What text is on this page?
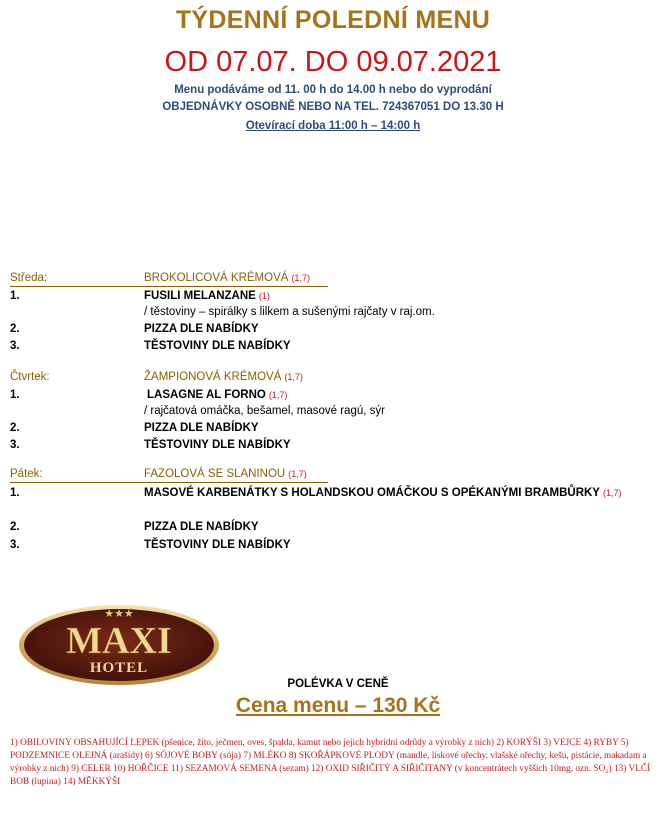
TÝDENNÍ POLEDNÍ MENU
OD 07.07. DO 09.07.2021
Menu podáváme od 11. 00 h do 14.00 h nebo do vyprodání
OBJEDNÁVKY OSOBNĚ NEBO NA TEL. 724367051 DO 13.30 H
Otevírací doba 11:00 h – 14:00 h
Středa:	BROKOLICOVÁ KRÉMOVÁ (1,7)
1.	FUSILI MELANZANE (1)
/ těstoviny – spirálky s lilkem a sušenými rajčaty v raj.om.
2.	PIZZA DLE NABÍDKY
3.	TĚSTOVINY DLE NABÍDKY
Čtvrtek:	ŽAMPIONOVÁ KRÉMOVÁ (1,7)
1.	LASAGNE AL FORNO (1,7)
/ rajčatová omáčka, bešamel, masové ragú, sýr
2.	PIZZA DLE NABÍDKY
3.	TĚSTOVINY DLE NABÍDKY
Pátek:	FAZOLOVÁ SE SLANINOU (1,7)
1.	MASOVÉ KARBENÁTKY S HOLANDSKOU OMÁČKOU S OPÉKANÝMI BRAMBŮRKY (1,7)
2.	PIZZA DLE NABÍDKY
3.	TĚSTOVINY DLE NABÍDKY
★★★
MAXI
HOTEL
POLÉVKA V CENĚ
Cena menu – 130 Kč
1) OBILOVINY OBSAHUJÍCÍ LEPEK (pšenice, žito, ječmen, oves, špalda, kamut nebo jejich hybridní odrůdy a výrobky z nich) 2) KORÝŠI 3) VEJCE 4) RYBY 5) PODZEMNICE OLEJNÁ (arašídy) 6) SÓJOVÉ BOBY (sója) 7) MLÉKO 8) SKOŘÁPKOVÉ PLODY (mandle, lískové ořechy, vlašské ořechy, kešu, pistácie, makadam a výrobky z nich) 9) CELER 10) HOŘČICE 11) SEZAMOVÁ SEMENA (sezam) 12) OXID SIŘIČITÝ A SIŘIČITANY (v koncentrátech vyšších 10mg, ozn. SO₂) 13) VLČÍ BOB (lupina) 14) MĚKKÝŠI
